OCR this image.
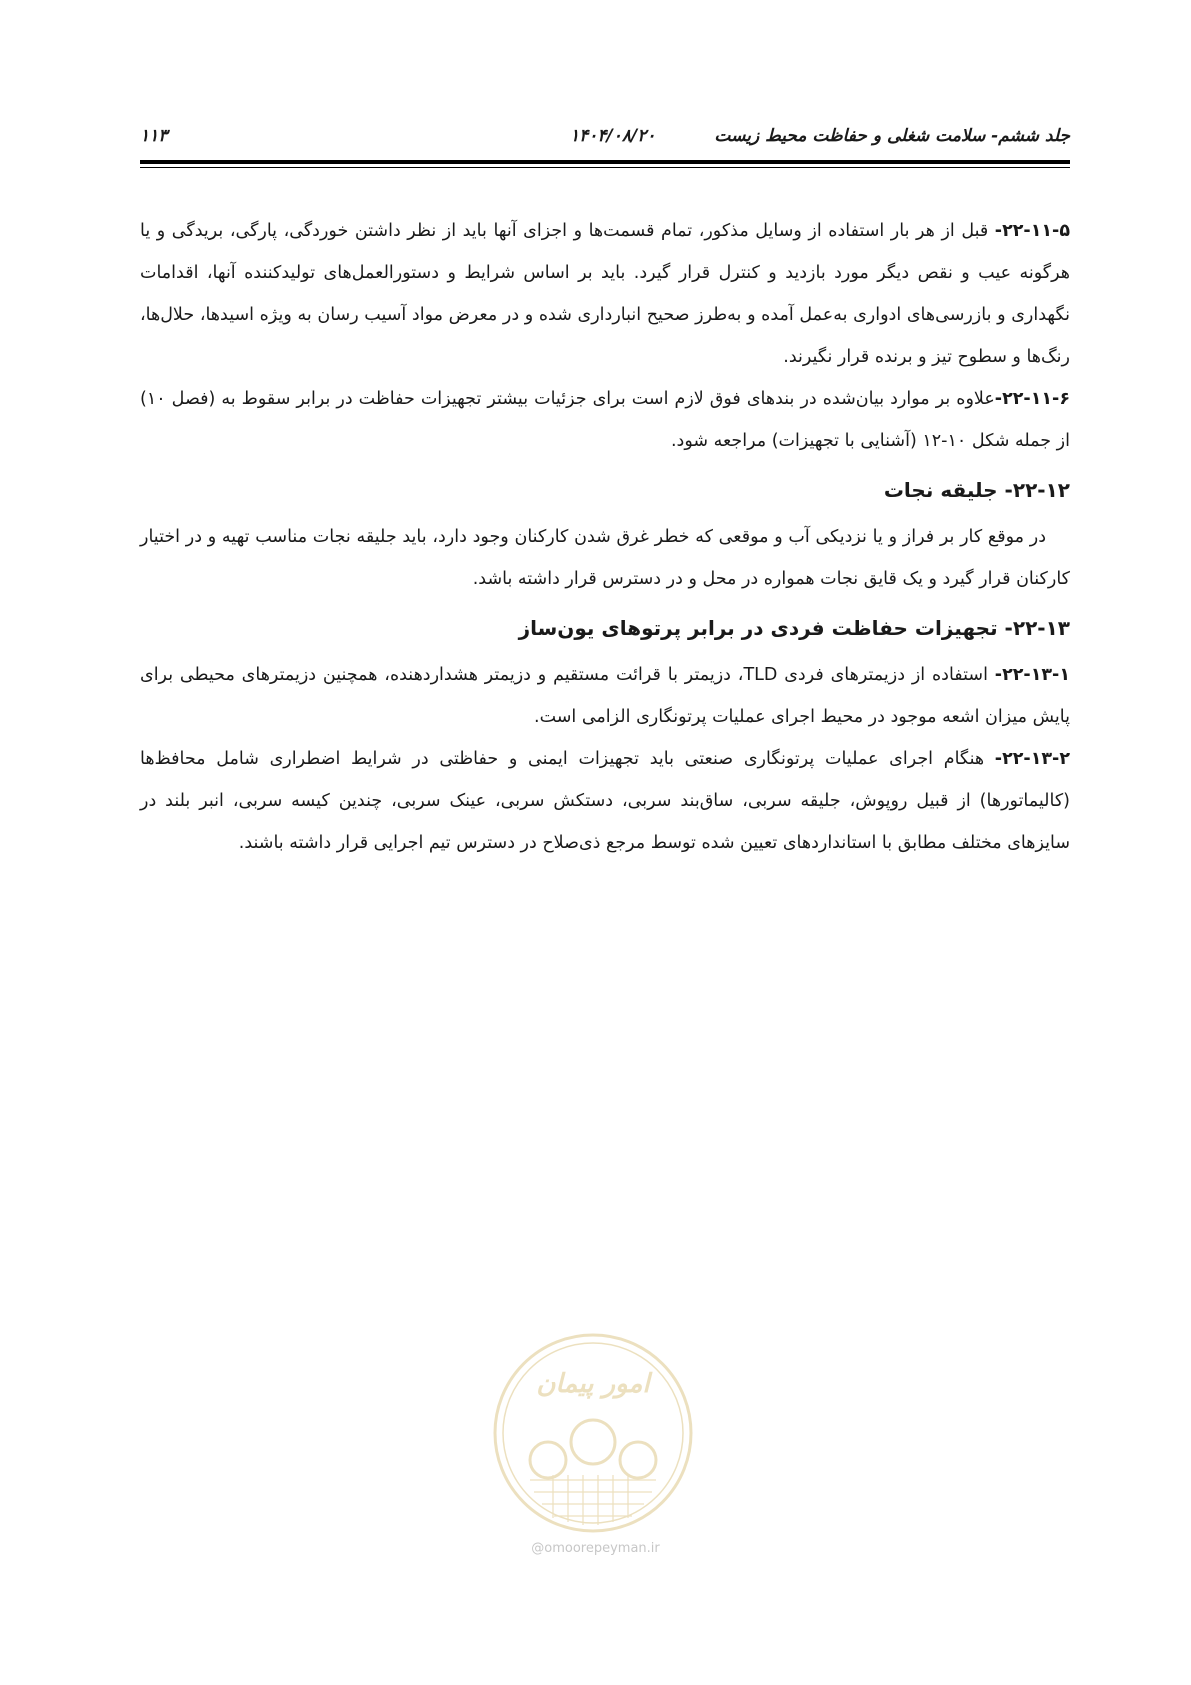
جلد ششم- سلامت شغلی و حفاظت محیط زیست
۱۴۰۴/۰۸/۲۰
۱۱۳

۲۲-۱۱-۵- قبل از هر بار استفاده از وسایل مذکور، تمام قسمت‌ها و اجزای آنها باید از نظر داشتن خوردگی، پارگی، بریدگی و یا هرگونه عیب و نقص دیگر مورد بازدید و کنترل قرار گیرد. باید بر اساس شرایط و دستورالعمل‌های تولیدکننده آنها، اقدامات نگهداری و بازرسی‌های ادواری به‌عمل آمده و به‌طرز صحیح انبارداری شده و در معرض مواد آسیب رسان به ویژه اسیدها، حلال‌ها، رنگ‌ها و سطوح تیز و برنده قرار نگیرند.

۲۲-۱۱-۶-علاوه بر موارد بیان‌شده در بندهای فوق لازم است برای جزئیات بیشتر تجهیزات حفاظت در برابر سقوط به (فصل ۱۰) از جمله شکل ۱۰-۱۲ (آشنایی با تجهیزات) مراجعه شود.

۲۲-۱۲- جلیقه نجات

در موقع کار بر فراز و یا نزدیکی آب و موقعی که خطر غرق شدن کارکنان وجود دارد، باید جلیقه نجات مناسب تهیه و در اختیار کارکنان قرار گیرد و یک قایق نجات همواره در محل و در دسترس قرار داشته باشد.

۲۲-۱۳- تجهیزات حفاظت فردی در برابر پرتوهای یون‌ساز

۲۲-۱۳-۱- استفاده از دزیمترهای فردی TLD، دزیمتر با قرائت مستقیم و دزیمتر هشداردهنده، همچنین دزیمترهای محیطی برای پایش میزان اشعه موجود در محیط اجرای عملیات پرتونگاری الزامی است.

۲۲-۱۳-۲- هنگام اجرای عملیات پرتونگاری صنعتی باید تجهیزات ایمنی و حفاظتی در شرایط اضطراری شامل محافظ‌ها (کالیماتورها) از قبیل روپوش، جلیقه سربی، ساق‌بند سربی، دستکش سربی، عینک سربی، چندین کیسه سربی، انبر بلند در سایزهای مختلف مطابق با استانداردهای تعیین شده توسط مرجع ذی‌صلاح در دسترس تیم اجرایی قرار داشته باشند.

امور پیمان
@omoorepeyman.ir
